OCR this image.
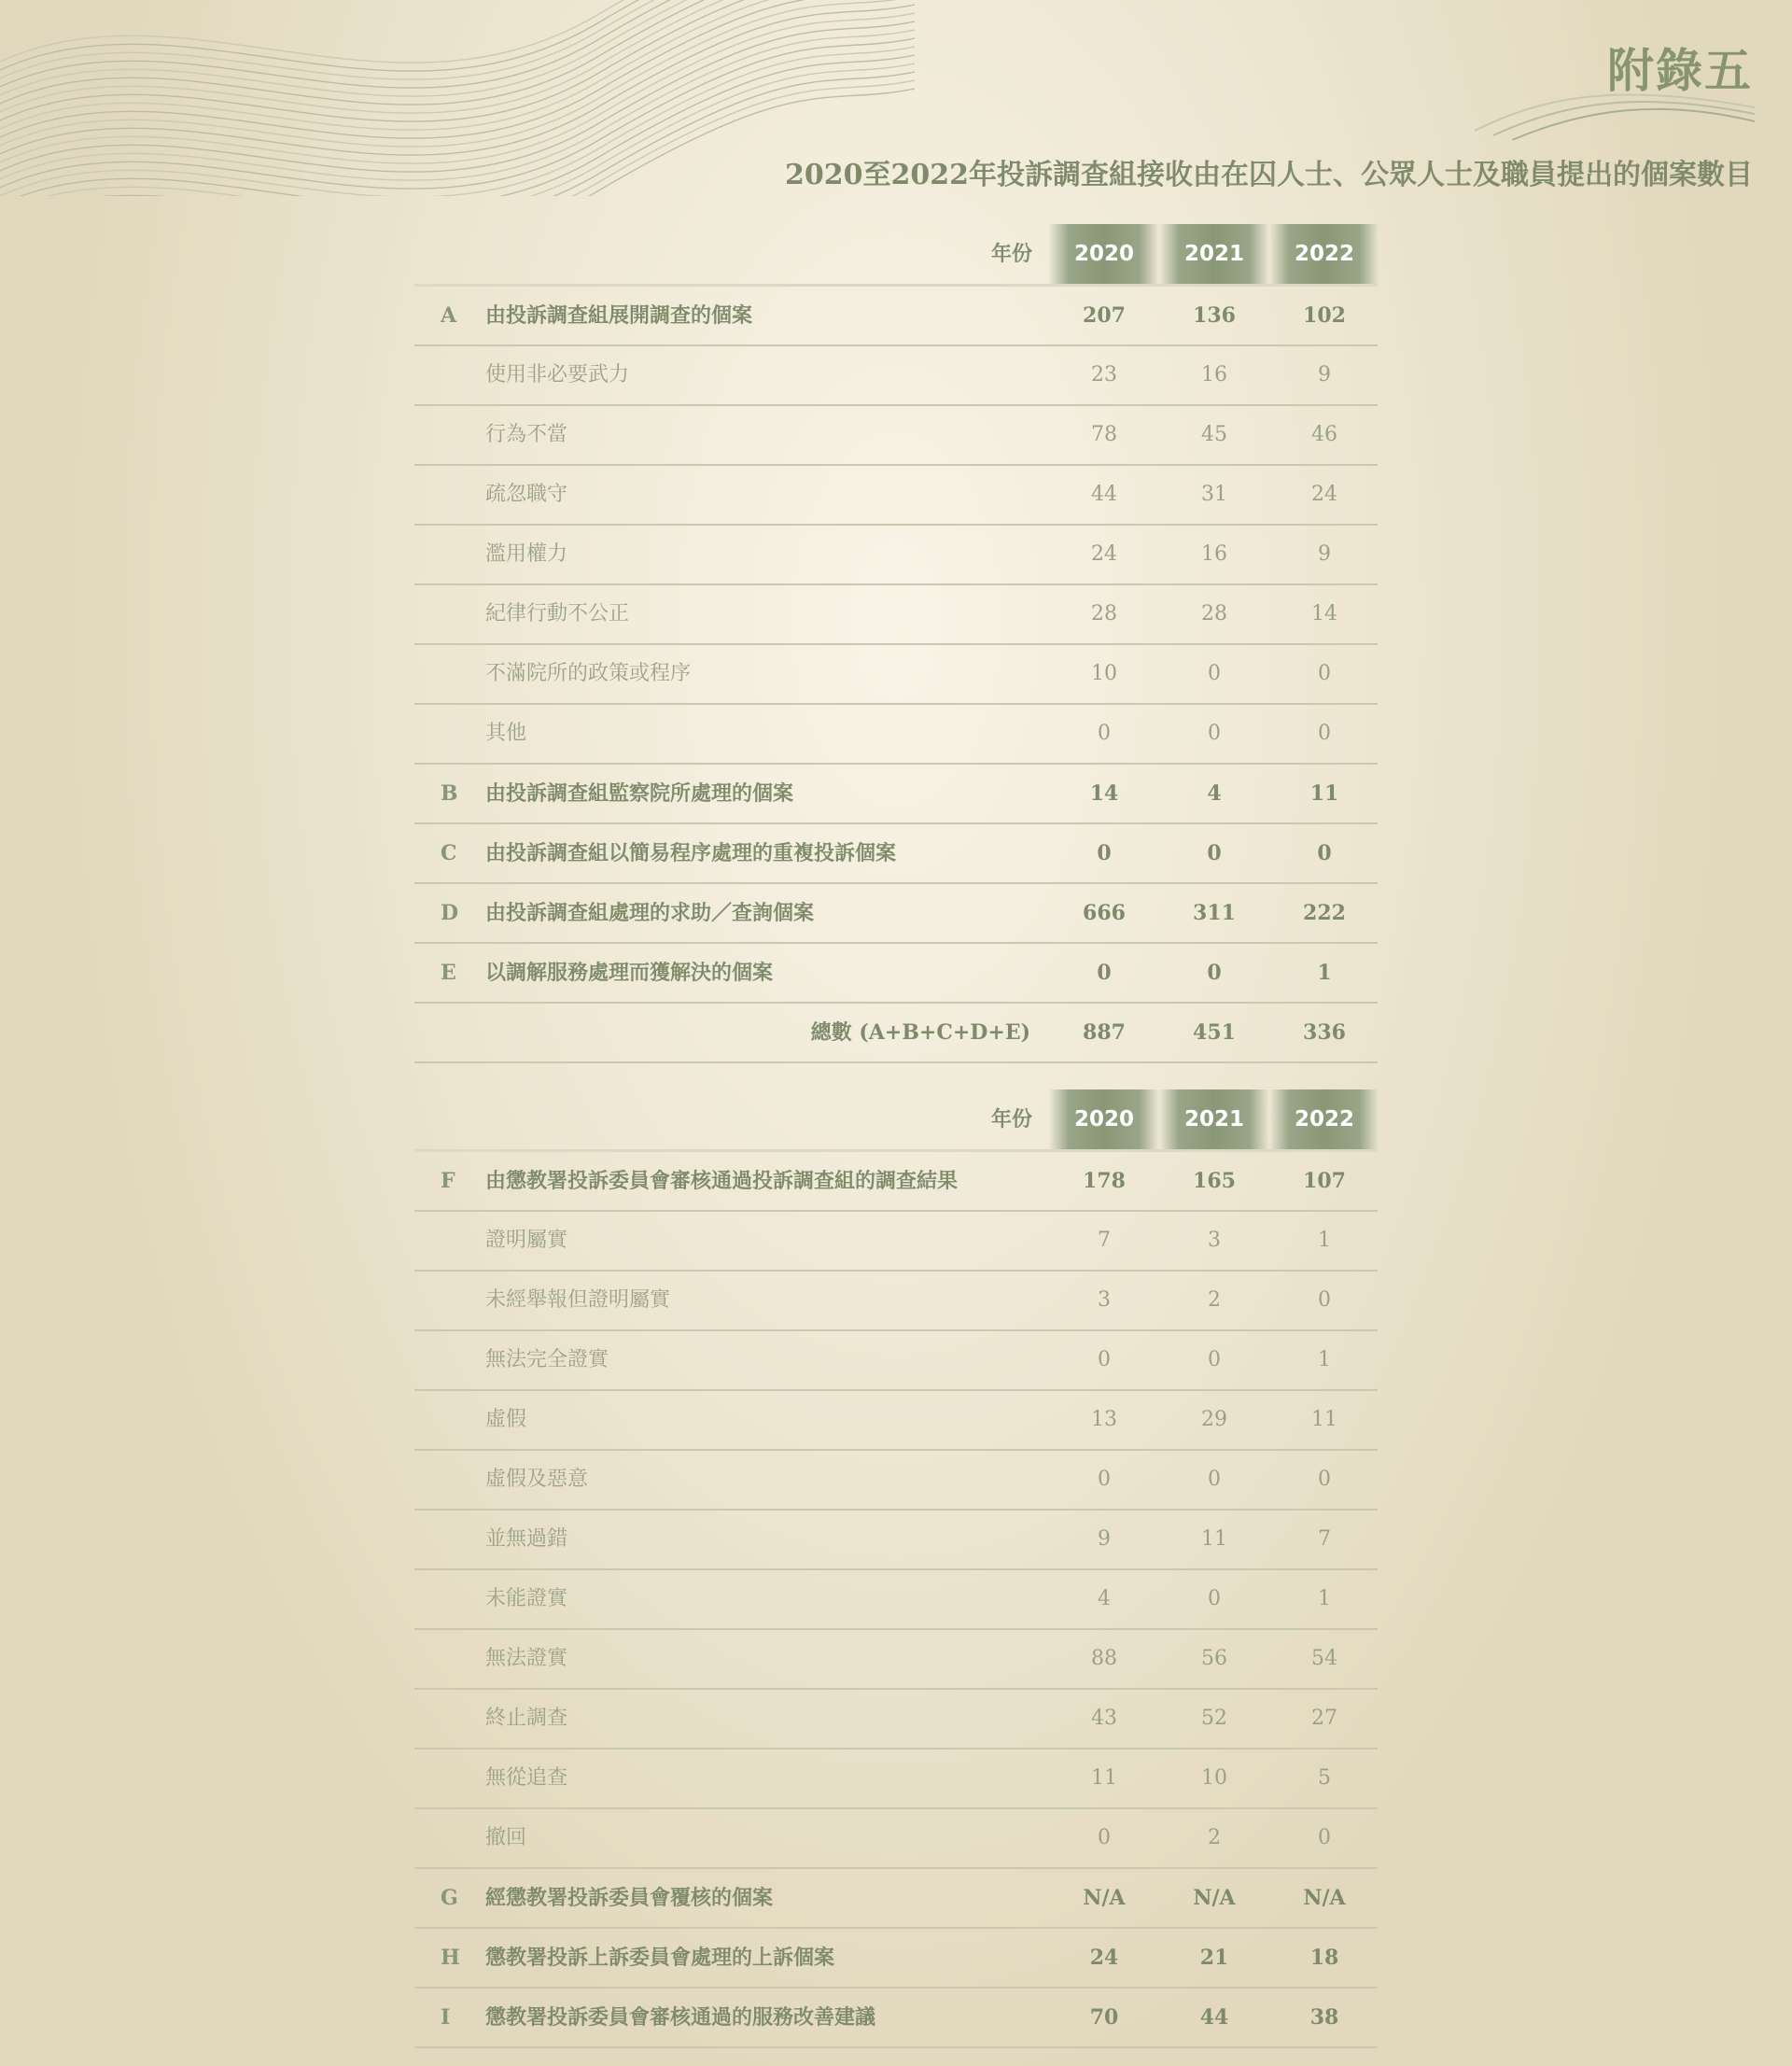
附錄五
2020至2022年投訴調查組接收由在囚人士、公眾人士及職員提出的個案數目
年份	2020	2021	2022
A	由投訴調查組展開調查的個案	207	136	102
使用非必要武力	23	16	9
行為不當	78	45	46
疏忽職守	44	31	24
濫用權力	24	16	9
紀律行動不公正	28	28	14
不滿院所的政策或程序	10	0	0
其他	0	0	0
B 由投訴調查組監察院所處理的個案	14	4	11
C 由投訴調查組以簡易程序處理的重複投訴個案	0	0	0
D 由投訴調查組處理的求助／查詢個案	666	311	222
E	以調解服務處理而獲解決的個案	0	0	1
總數 (A+B+C+D+E)	887	451	336
年份	2020	2021	2022
F	由懲教署投訴委員會審核通過投訴調查組的調查結果	178	165	107
證明屬實	7	3	1
未經舉報但證明屬實	3	2	0
無法完全證實	0	0	1
虛假	13	29	11
虛假及惡意	0	0	0
並無過錯	9	11	7
未能證實	4	0	1
無法證實	88	56	54
終止調查	43	52	27
無從追查	11	10	5
撤回	0	2	0
G 經懲教署投訴委員會覆核的個案	N/A	N/A	N/A
H 懲教署投訴上訴委員會處理的上訴個案	24	21	18
I	懲教署投訴委員會審核通過的服務改善建議	70	44	38
